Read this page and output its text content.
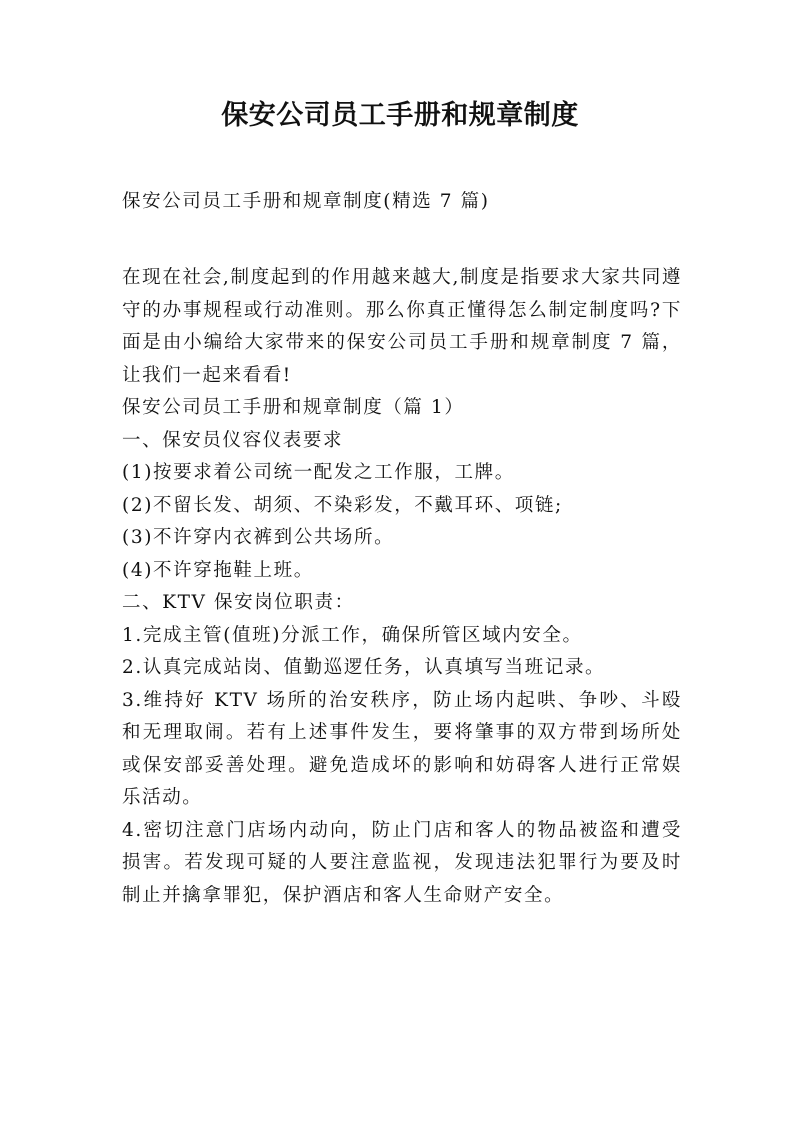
保安公司员工手册和规章制度

保安公司员工手册和规章制度(精选 7 篇)

在现在社会,制度起到的作用越来越大,制度是指要求大家共同遵守的办事规程或行动准则。那么你真正懂得怎么制定制度吗?下面是由小编给大家带来的保安公司员工手册和规章制度 7 篇，让我们一起来看看!

保安公司员工手册和规章制度（篇 1）

一、保安员仪容仪表要求

(1)按要求着公司统一配发之工作服，工牌。

(2)不留长发、胡须、不染彩发，不戴耳环、项链;

(3)不许穿内衣裤到公共场所。

(4)不许穿拖鞋上班。

二、KTV 保安岗位职责：

1.完成主管(值班)分派工作，确保所管区域内安全。

2.认真完成站岗、值勤巡逻任务，认真填写当班记录。

3.维持好 KTV 场所的治安秩序，防止场内起哄、争吵、斗殴和无理取闹。若有上述事件发生，要将肇事的双方带到场所处或保安部妥善处理。避免造成坏的影响和妨碍客人进行正常娱乐活动。

4.密切注意门店场内动向，防止门店和客人的物品被盗和遭受损害。若发现可疑的人要注意监视，发现违法犯罪行为要及时制止并擒拿罪犯，保护酒店和客人生命财产安全。
